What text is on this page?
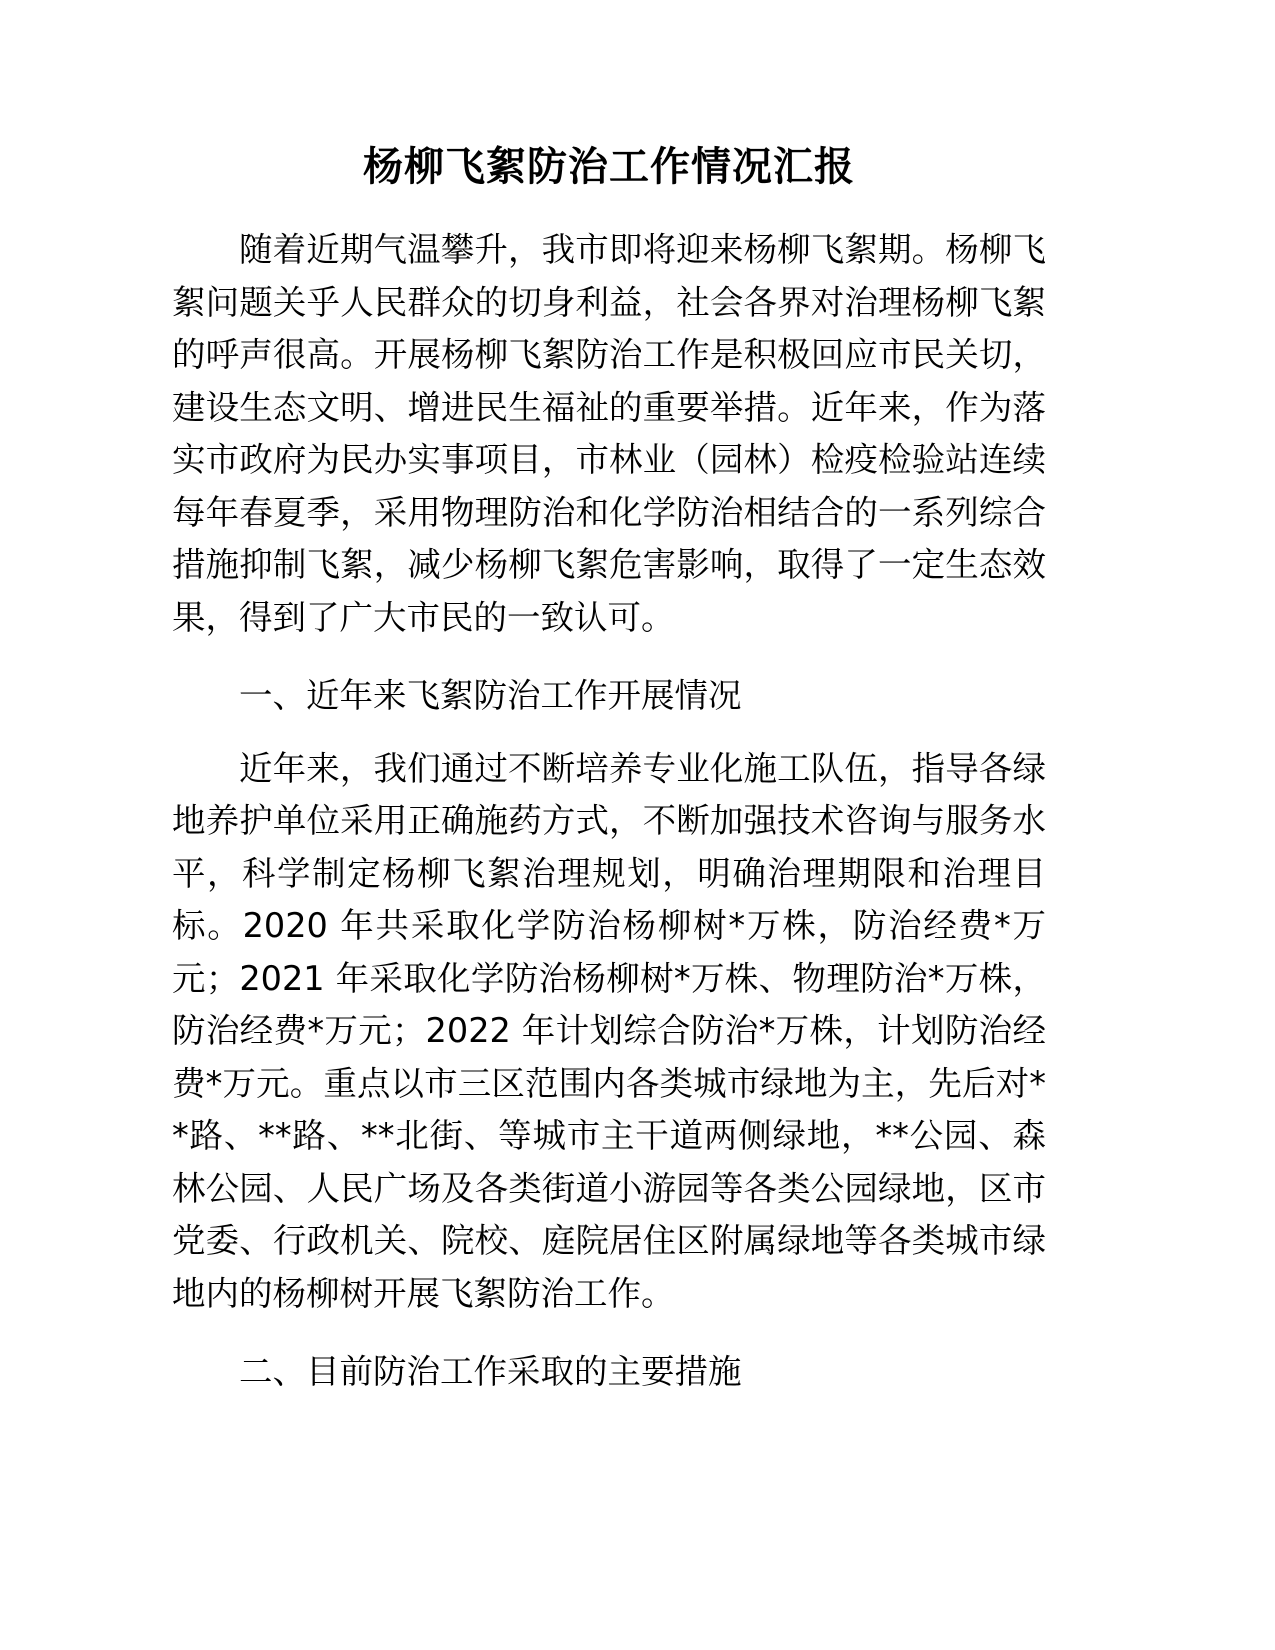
杨柳飞絮防治工作情况汇报

随着近期气温攀升，我市即将迎来杨柳飞絮期。杨柳飞絮问题关乎人民群众的切身利益，社会各界对治理杨柳飞絮的呼声很高。开展杨柳飞絮防治工作是积极回应市民关切，建设生态文明、增进民生福祉的重要举措。近年来，作为落实市政府为民办实事项目，市林业（园林）检疫检验站连续每年春夏季，采用物理防治和化学防治相结合的一系列综合措施抑制飞絮，减少杨柳飞絮危害影响，取得了一定生态效果，得到了广大市民的一致认可。

一、近年来飞絮防治工作开展情况

近年来，我们通过不断培养专业化施工队伍，指导各绿地养护单位采用正确施药方式，不断加强技术咨询与服务水平，科学制定杨柳飞絮治理规划，明确治理期限和治理目标。2020 年共采取化学防治杨柳树*万株，防治经费*万元；2021 年采取化学防治杨柳树*万株、物理防治*万株，防治经费*万元；2022 年计划综合防治*万株，计划防治经费*万元。重点以市三区范围内各类城市绿地为主，先后对**路、**路、**北街、等城市主干道两侧绿地，**公园、森林公园、人民广场及各类街道小游园等各类公园绿地，区市党委、行政机关、院校、庭院居住区附属绿地等各类城市绿地内的杨柳树开展飞絮防治工作。

二、目前防治工作采取的主要措施
